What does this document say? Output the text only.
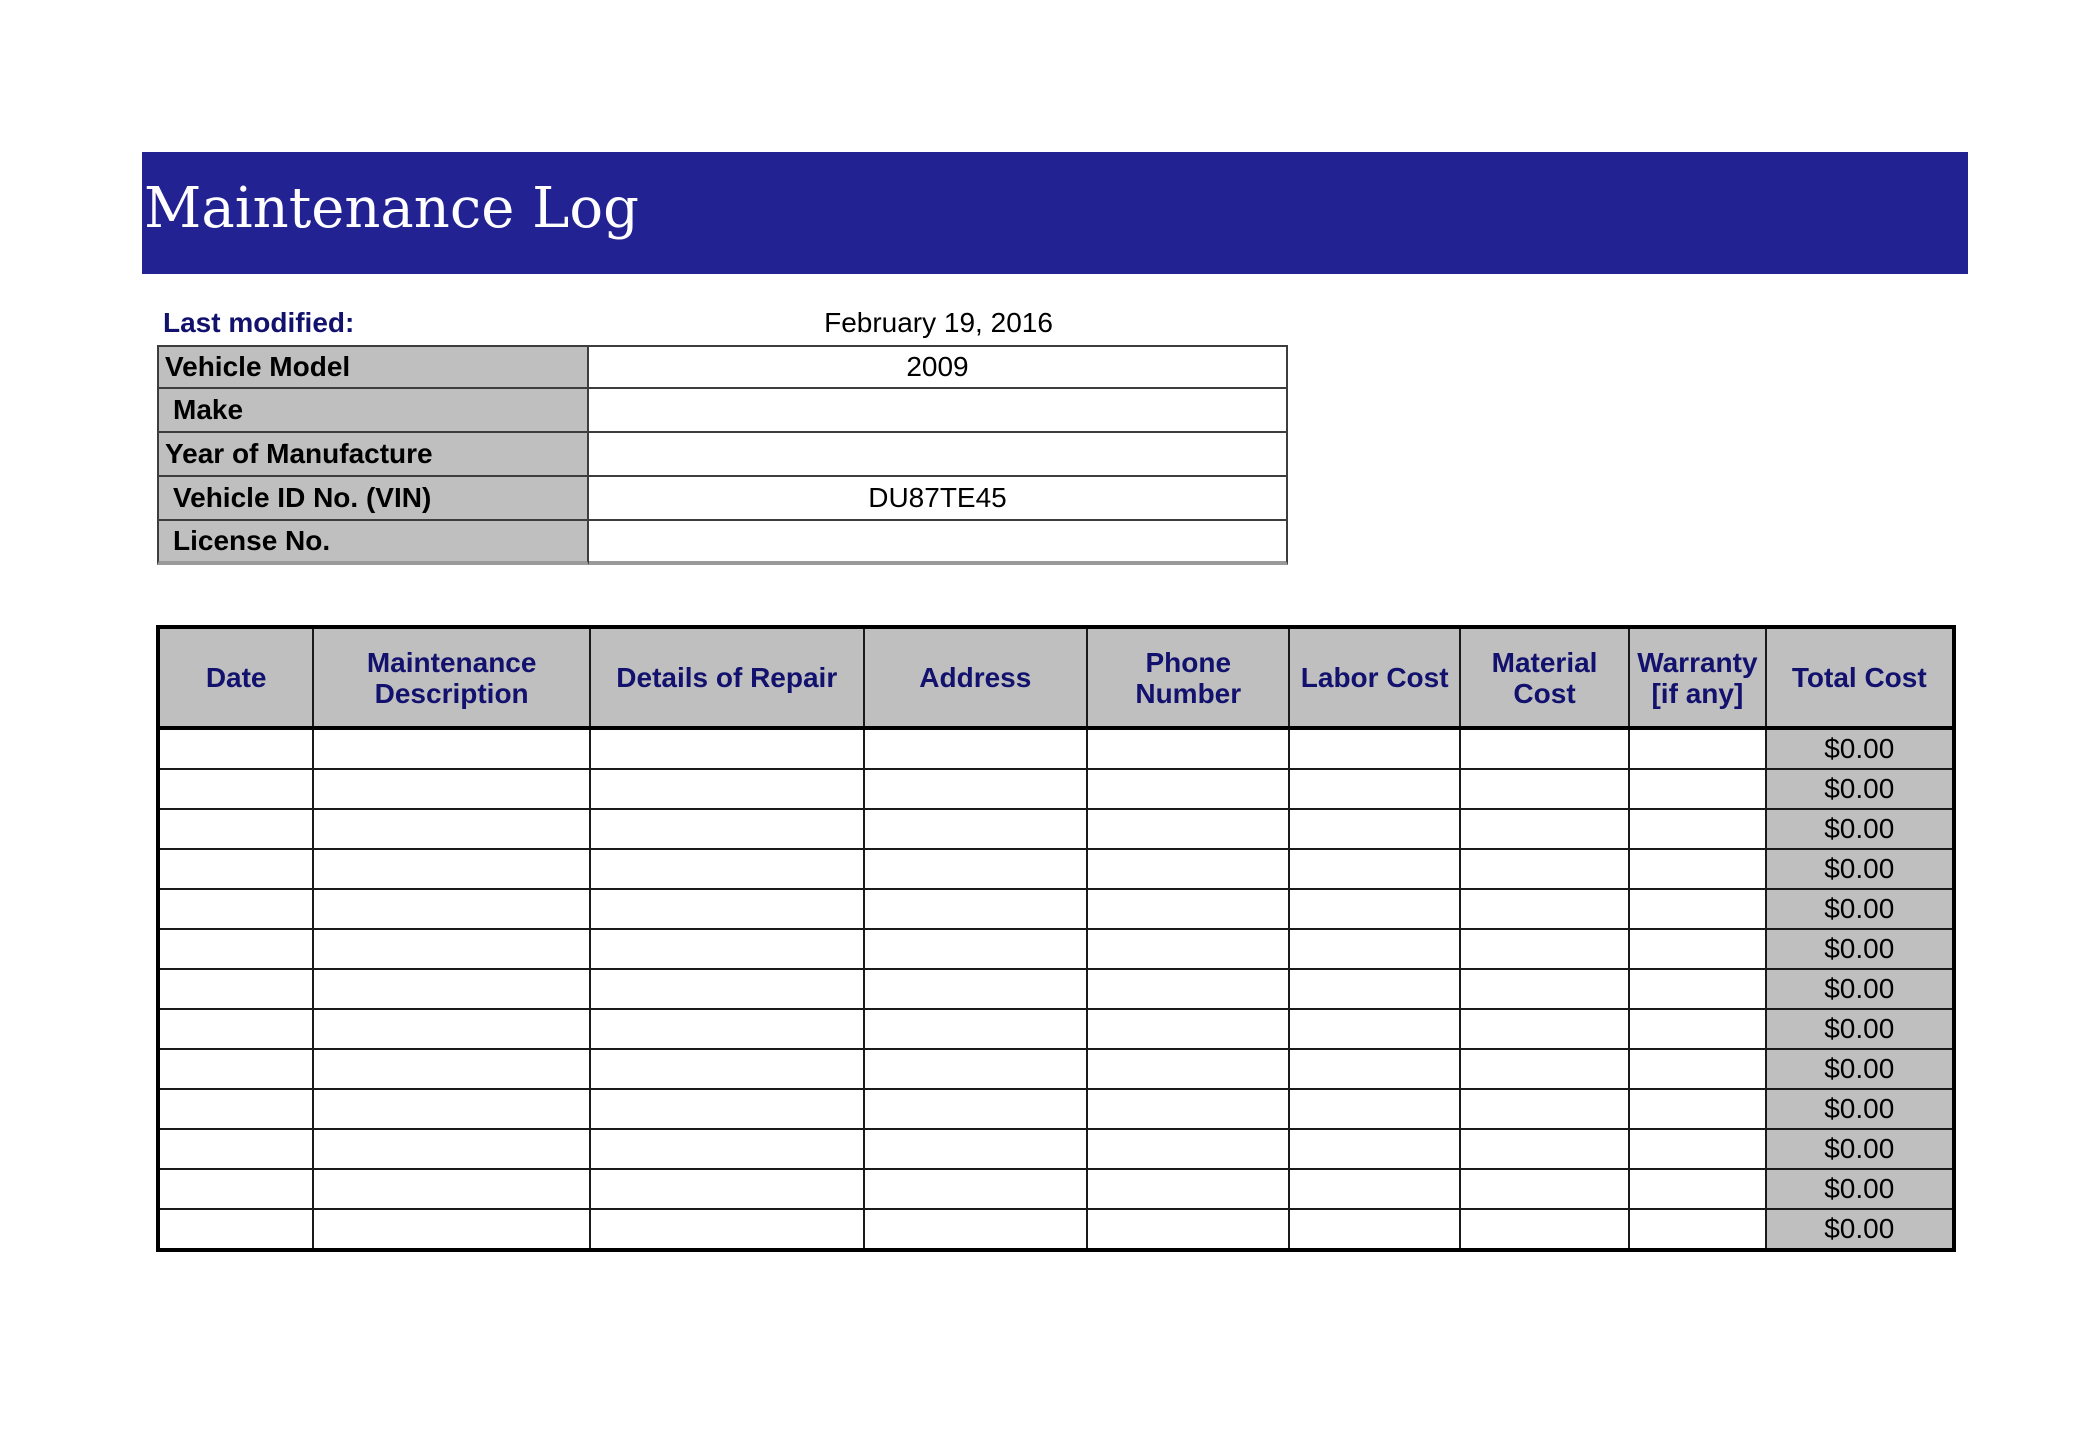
Maintenance Log
Last modified:	February 19, 2016
Vehicle Model	2009
Make
Year of Manufacture
Vehicle ID No. (VIN)	DU87TE45
License No.
Date	Maintenance Description	Details of Repair	Address	Phone Number	Labor Cost	Material Cost	Warranty [if any]	Total Cost
								$0.00
								$0.00
								$0.00
								$0.00
								$0.00
								$0.00
								$0.00
								$0.00
								$0.00
								$0.00
								$0.00
								$0.00
								$0.00
